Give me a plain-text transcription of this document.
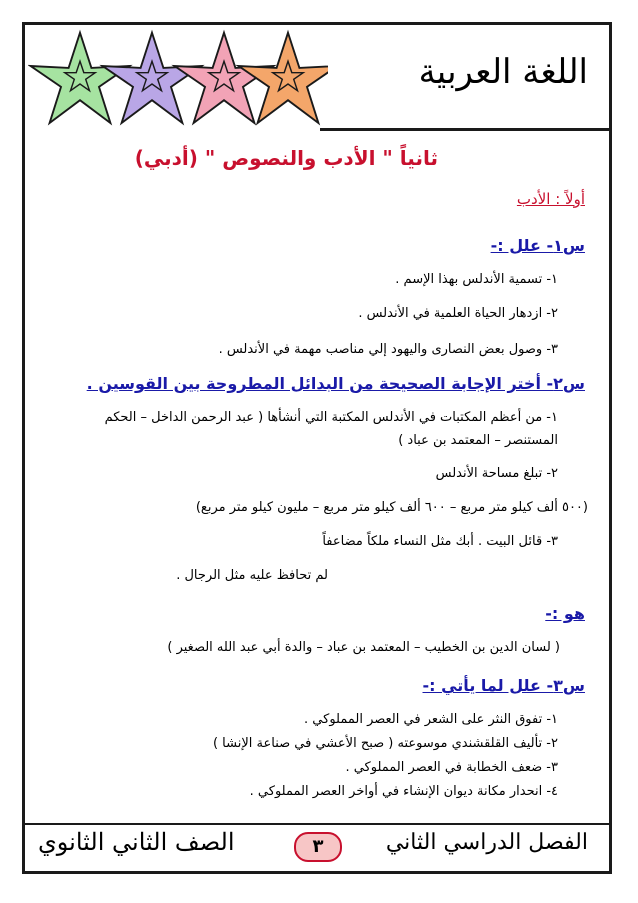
اللغة العربية
ثانياً " الأدب والنصوص " (أدبي)
أولاً : الأدب
س١- علل :-
١- تسمية الأندلس بهذا الإسم .
٢- ازدهار الحياة العلمية في الأندلس .
٣- وصول بعض النصارى واليهود إلي مناصب مهمة في الأندلس .
س٢- أختر الإجابة الصحيحة من البدائل المطروحة بين القوسين .
١- من أعظم المكتبات في الأندلس المكتبة التي أنشأها ( عبد الرحمن الداخل – الحكم
المستنصر – المعتمد بن عباد )
٢- تبلغ مساحة الأندلس
(٥٠٠ ألف كيلو متر مربع – ٦٠٠ ألف كيلو متر مربع – مليون كيلو متر مربع)
٣- قائل البيت . أبك مثل النساء ملكاً مضاعفاً
لم تحافظ عليه مثل الرجال .
هو :-
( لسان الدين بن الخطيب – المعتمد بن عباد – والدة أبي عبد الله الصغير )
س٣- علل لما يأتي :-
١- تفوق النثر على الشعر في العصر المملوكي .
٢- تأليف القلقشندي موسوعته ( صبح الأعشي في صناعة الإنشا )
٣- ضعف الخطابة في العصر المملوكي .
٤- انحدار مكانة ديوان الإنشاء في أواخر العصر المملوكي .
الفصل الدراسي الثاني
٣
الصف الثاني الثانوي
